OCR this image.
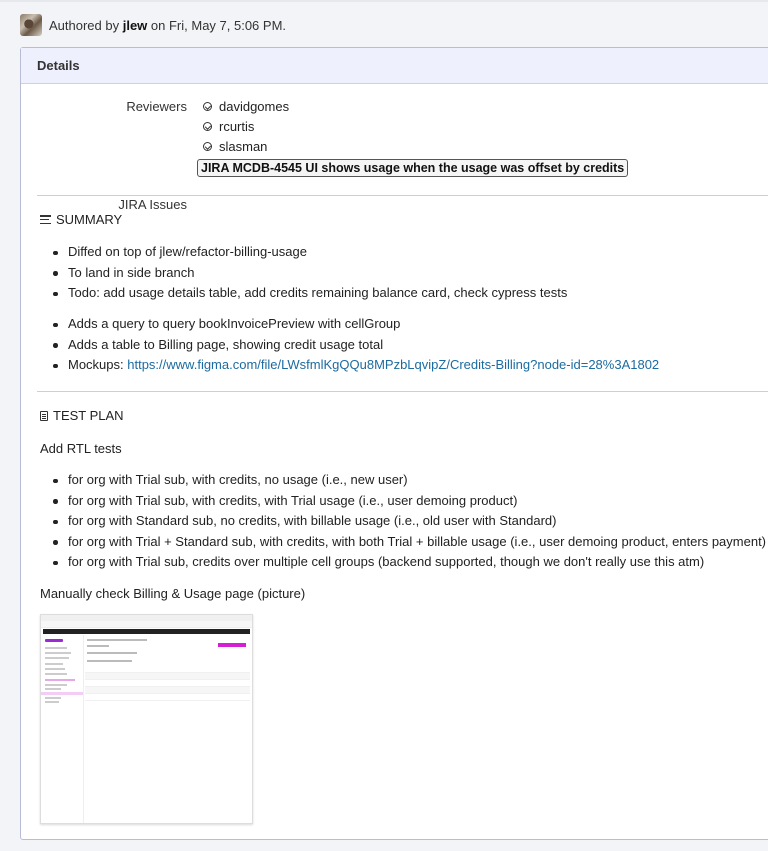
Authored by jlew on Fri, May 7, 5:06 PM.
Details
Reviewers davidgomes
rcurtis
slasman
JIRA Issues
JIRA MCDB-4545 UI shows usage when the usage was offset by credits
SUMMARY
Diffed on top of jlew/refactor-billing-usage
To land in side branch
Todo: add usage details table, add credits remaining balance card, check cypress tests
Adds a query to query bookInvoicePreview with cellGroup
Adds a table to Billing page, showing credit usage total
Mockups: https://www.figma.com/file/LWsfmlKgQQu8MPzbLqvipZ/Credits-Billing?node-id=28%3A1802
TEST PLAN
Add RTL tests
for org with Trial sub, with credits, no usage (i.e., new user)
for org with Trial sub, with credits, with Trial usage (i.e., user demoing product)
for org with Standard sub, no credits, with billable usage (i.e., old user with Standard)
for org with Trial + Standard sub, with credits, with both Trial + billable usage (i.e., user demoing product, enters payment)
for org with Trial sub, credits over multiple cell groups (backend supported, though we don't really use this atm)
Manually check Billing & Usage page (picture)
